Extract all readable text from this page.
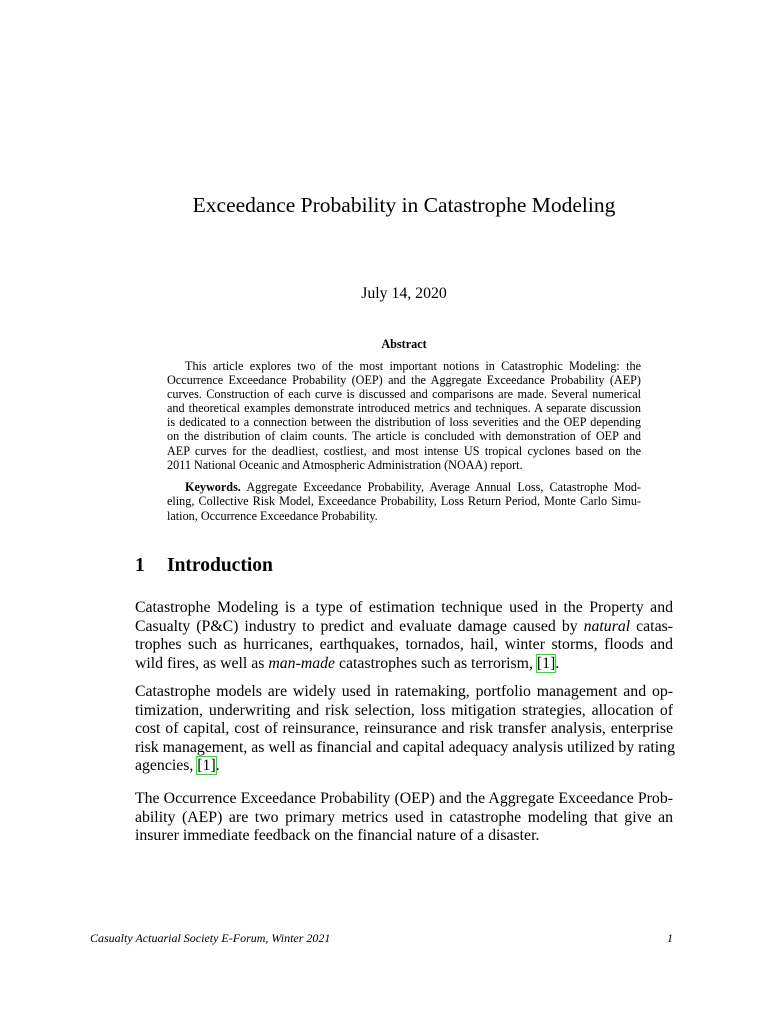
Exceedance Probability in Catastrophe Modeling
July 14, 2020
Abstract
This article explores two of the most important notions in Catastrophic Modeling: the
Occurrence Exceedance Probability (OEP) and the Aggregate Exceedance Probability (AEP)
curves. Construction of each curve is discussed and comparisons are made. Several numerical
and theoretical examples demonstrate introduced metrics and techniques. A separate discussion
is dedicated to a connection between the distribution of loss severities and the OEP depending
on the distribution of claim counts. The article is concluded with demonstration of OEP and
AEP curves for the deadliest, costliest, and most intense US tropical cyclones based on the
2011 National Oceanic and Atmospheric Administration (NOAA) report.
Keywords. Aggregate Exceedance Probability, Average Annual Loss, Catastrophe Mod-
eling, Collective Risk Model, Exceedance Probability, Loss Return Period, Monte Carlo Simu-
lation, Occurrence Exceedance Probability.
1 Introduction
Catastrophe Modeling is a type of estimation technique used in the Property and
Casualty (P&C) industry to predict and evaluate damage caused by natural catas-
trophes such as hurricanes, earthquakes, tornados, hail, winter storms, floods and
wild fires, as well as man-made catastrophes such as terrorism, [1].
Catastrophe models are widely used in ratemaking, portfolio management and op-
timization, underwriting and risk selection, loss mitigation strategies, allocation of
cost of capital, cost of reinsurance, reinsurance and risk transfer analysis, enterprise
risk management, as well as financial and capital adequacy analysis utilized by rating
agencies, [1].
The Occurrence Exceedance Probability (OEP) and the Aggregate Exceedance Prob-
ability (AEP) are two primary metrics used in catastrophe modeling that give an
insurer immediate feedback on the financial nature of a disaster.
Casualty Actuarial Society E-Forum, Winter 2021	1
